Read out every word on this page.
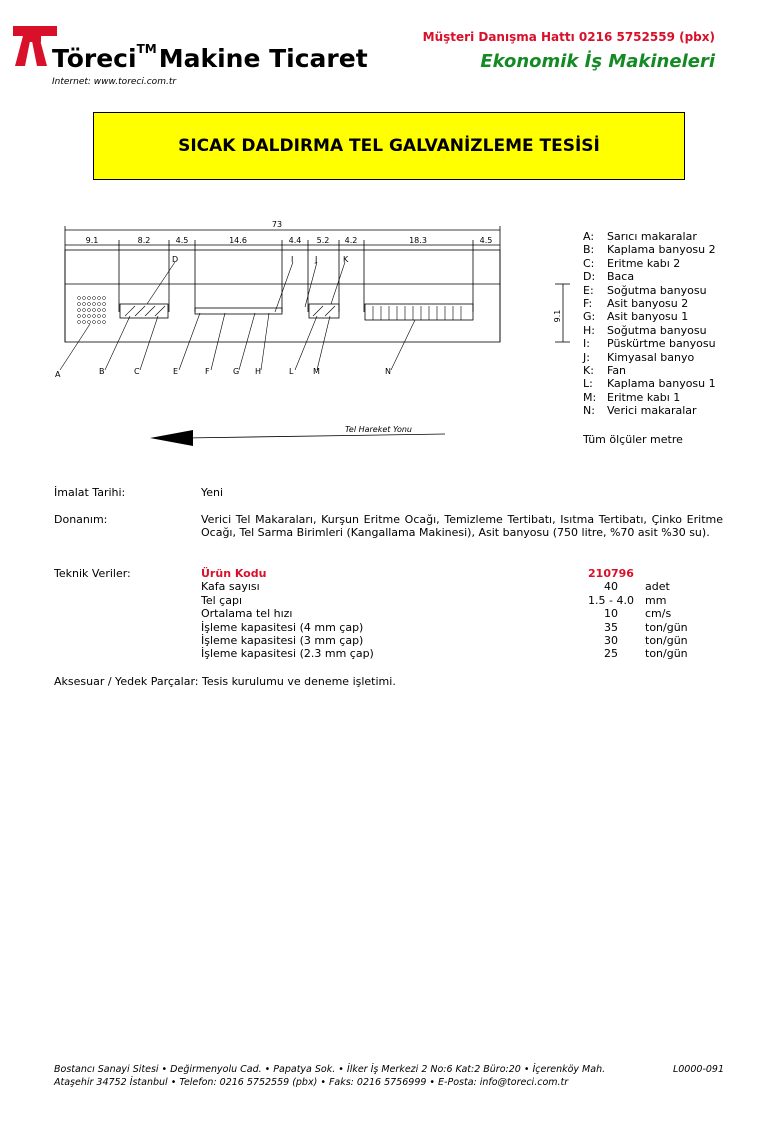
Töreci™Makine Ticaret
Internet: www.toreci.com.tr
Müşteri Danışma Hattı 0216 5752559 (pbx)
Ekonomik İş Makineleri
SICAK DALDIRMA TEL GALVANİZLEME TESİSİ
73
9.1	8.2	4.5	14.6	4.4 5.2 4.2	18.3	4.5
9.1
A	B	C
D
E	F	G H
I	J	K
L M	N
Tel Hareket Yonu
A:	Sarıcı makaralar
B:	Kaplama banyosu 2
C:	Eritme kabı 2
D:	Baca
E:	Soğutma banyosu
F:	Asit banyosu 2
G:	Asit banyosu 1
H:	Soğutma banyosu
I:	Püskürtme banyosu
J:	Kimyasal banyo
K:	Fan
L:	Kaplama banyosu 1
M: Eritme kabı 1
N:	Verici makaralar
Tüm ölçüler metre
İmalat Tarihi:	Yeni
Donanım:	Verici Tel Makaraları, Kurşun Eritme Ocağı, Temizleme Tertibatı, Isıtma Tertibatı, Çinko Eritme Ocağı, Tel Sarma Birimleri (Kangallama Makinesi), Asit banyosu (750 litre, %70 asit %30 su).
Teknik Veriler:	Ürün Kodu	210796
Kafa sayısı	40	adet
Tel çapı	1.5 - 4.0	mm
Ortalama tel hızı	10	cm/s
İşleme kapasitesi (4 mm çap)	35	ton/gün
İşleme kapasitesi (3 mm çap)	30	ton/gün
İşleme kapasitesi (2.3 mm çap)	25	ton/gün
Aksesuar / Yedek Parçalar: Tesis kurulumu ve deneme işletimi.
Bostancı Sanayi Sitesi • Değirmenyolu Cad. • Papatya Sok. • İlker İş Merkezi 2 No:6 Kat:2 Büro:20 • İçerenköy Mah.	L0000-091
Ataşehir 34752 İstanbul • Telefon: 0216 5752559 (pbx) • Faks: 0216 5756999 • E-Posta: info@toreci.com.tr
